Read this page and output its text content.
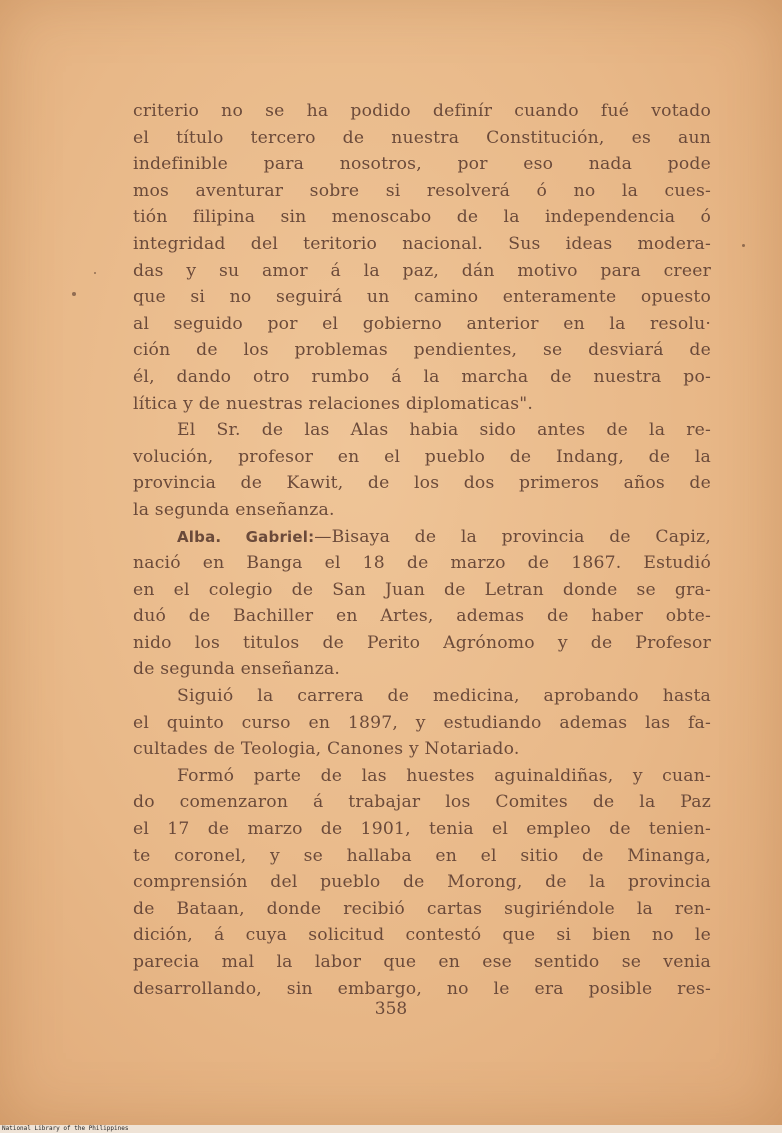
criterio no se ha podido definír cuando fué votado
el título tercero de nuestra Constitución, es aun
indefinible para nosotros, por eso nada pode
mos aventurar sobre si resolverá ó no la cues-
tión filipina sin menoscabo de la independencia ó
integridad del teritorio nacional. Sus ideas modera-
das y su amor á la paz, dán motivo para creer
que si no seguirá un camino enteramente opuesto
al seguido por el gobierno anterior en la resolu·
ción de los problemas pendientes, se desviará de
él, dando otro rumbo á la marcha de nuestra po-
lítica y de nuestras relaciones diplomaticas".
El Sr. de las Alas habia sido antes de la re-
volución, profesor en el pueblo de Indang, de la
provincia de Kawit, de los dos primeros años de
la segunda enseñanza.
Alba. Gabriel:—Bisaya de la provincia de Capiz,
nació en Banga el 18 de marzo de 1867. Estudió
en el colegio de San Juan de Letran donde se gra-
duó de Bachiller en Artes, ademas de haber obte-
nido los titulos de Perito Agrónomo y de Profesor
de segunda enseñanza.
Siguió la carrera de medicina, aprobando hasta
el quinto curso en 1897, y estudiando ademas las fa-
cultades de Teologia, Canones y Notariado.
Formó parte de las huestes aguinaldiñas, y cuan-
do comenzaron á trabajar los Comites de la Paz
el 17 de marzo de 1901, tenia el empleo de tenien-
te coronel, y se hallaba en el sitio de Minanga,
comprensión del pueblo de Morong, de la provincia
de Bataan, donde recibió cartas sugiriéndole la ren-
dición, á cuya solicitud contestó que si bien no le
parecia mal la labor que en ese sentido se venia
desarrollando, sin embargo, no le era posible res-
358
National Library of the Philippines
